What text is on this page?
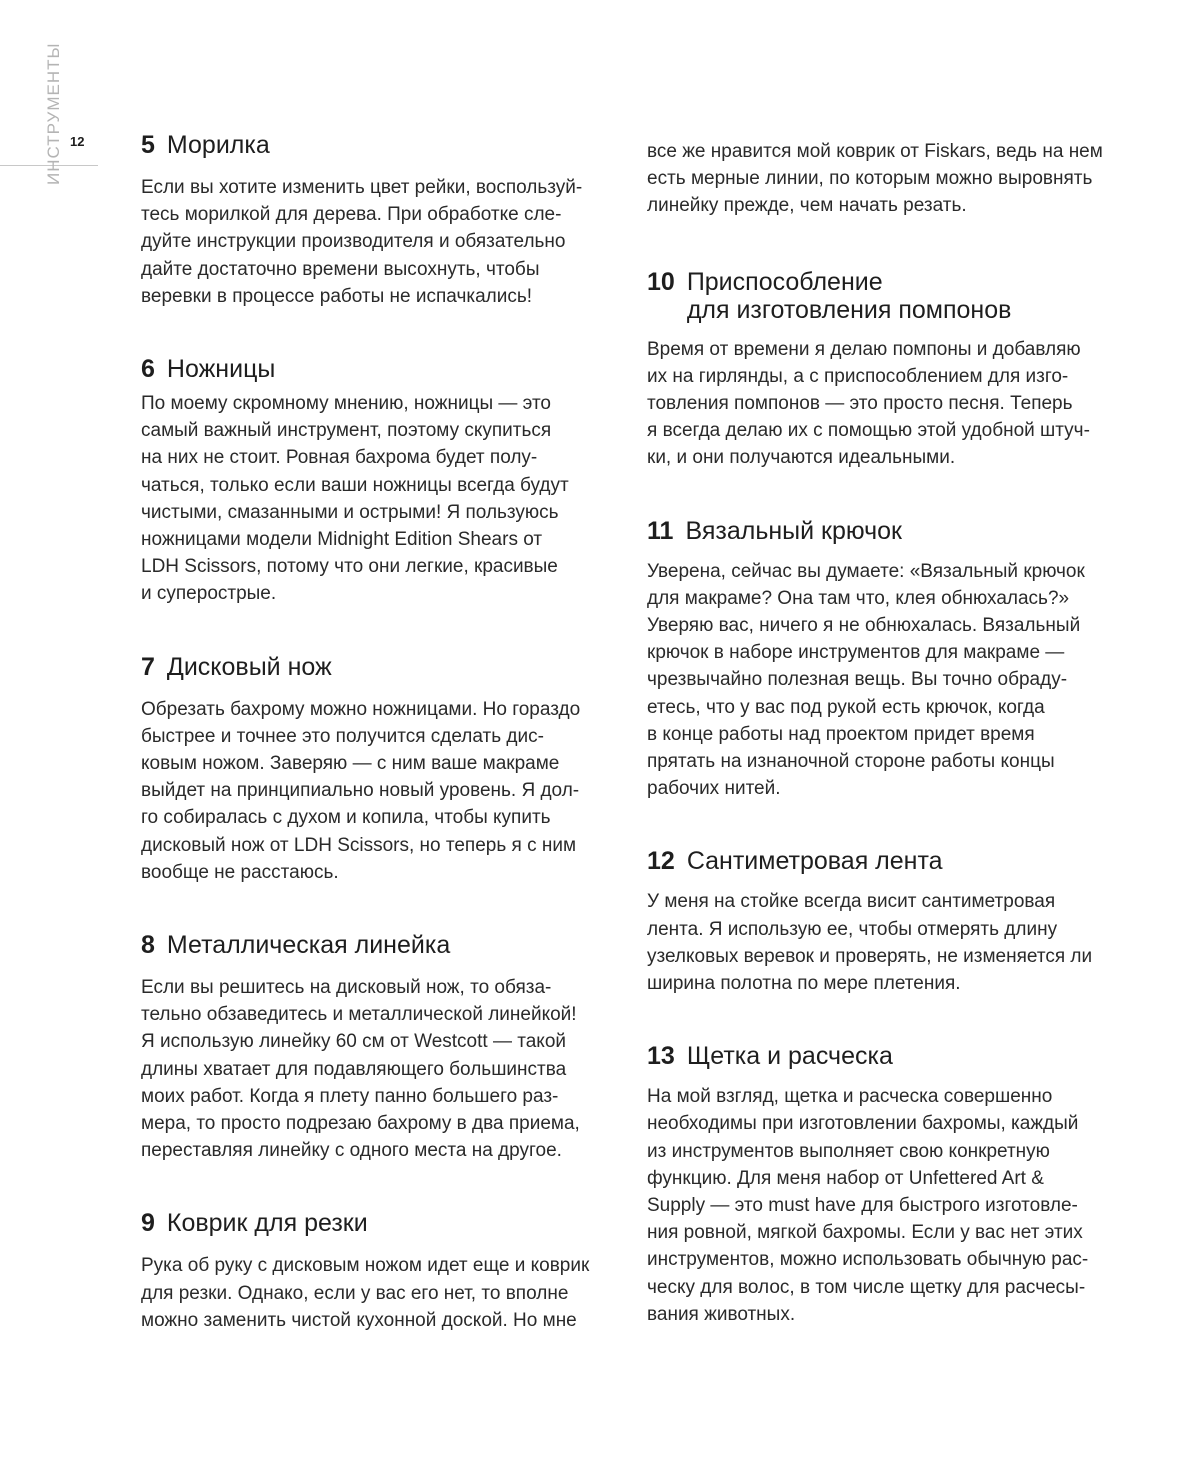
12
ИНСТРУМЕНТЫ	5 Морилка
Если вы хотите изменить цвет рейки, воспользуй-
тесь морилкой для дерева. При обработке сле-
дуйте инструкции производителя и обязательно
дайте достаточно времени высохнуть, чтобы
веревки в процессе работы не испачкались!
6 Ножницы
По моему скромному мнению, ножницы — это
самый важный инструмент, поэтому скупиться
на них не стоит. Ровная бахрома будет полу-
чаться, только если ваши ножницы всегда будут
чистыми, смазанными и острыми! Я пользуюсь
ножницами модели Midnight Edition Shears от
LDH Scissors, потому что они легкие, красивые
и суперострые.
7 Дисковый нож
Обрезать бахрому можно ножницами. Но гораздо
быстрее и точнее это получится сделать дис-
ковым ножом. Заверяю — с ним ваше макраме
выйдет на принципиально новый уровень. Я дол-
го собиралась с духом и копила, чтобы купить
дисковый нож от LDH Scissors, но теперь я с ним
вообще не расстаюсь.
8 Металлическая линейка
Если вы решитесь на дисковый нож, то обяза-
тельно обзаведитесь и металлической линейкой!
Я использую линейку 60 см от Westcott — такой
длины хватает для подавляющего большинства
моих работ. Когда я плету панно большего раз-
мера, то просто подрезаю бахрому в два приема,
переставляя линейку с одного места на другое.
9 Коврик для резки
Рука об руку с дисковым ножом идет еще и коврик
для резки. Однако, если у вас его нет, то вполне
можно заменить чистой кухонной доской. Но мне
все же нравится мой коврик от Fiskars, ведь на нем
есть мерные линии, по которым можно выровнять
линейку прежде, чем начать резать.
10 Приспособление
для изготовления помпонов
Время от времени я делаю помпоны и добавляю
их на гирлянды, а с приспособлением для изго-
товления помпонов — это просто песня. Теперь
я всегда делаю их с помощью этой удобной штуч-
ки, и они получаются идеальными.
11 Вязальный крючок
Уверена, сейчас вы думаете: «Вязальный крючок
для макраме? Она там что, клея обнюхалась?»
Уверяю вас, ничего я не обнюхалась. Вязальный
крючок в наборе инструментов для макраме —
чрезвычайно полезная вещь. Вы точно обраду-
етесь, что у вас под рукой есть крючок, когда
в конце работы над проектом придет время
прятать на изнаночной стороне работы концы
рабочих нитей.
12 Сантиметровая лента
У меня на стойке всегда висит сантиметровая
лента. Я использую ее, чтобы отмерять длину
узелковых веревок и проверять, не изменяется ли
ширина полотна по мере плетения.
13 Щетка и расческа
На мой взгляд, щетка и расческа совершенно
необходимы при изготовлении бахромы, каждый
из инструментов выполняет свою конкретную
функцию. Для меня набор от Unfettered Art &
Supply — это must have для быстрого изготовле-
ния ровной, мягкой бахромы. Если у вас нет этих
инструментов, можно использовать обычную рас-
ческу для волос, в том числе щетку для расчесы-
вания животных.
